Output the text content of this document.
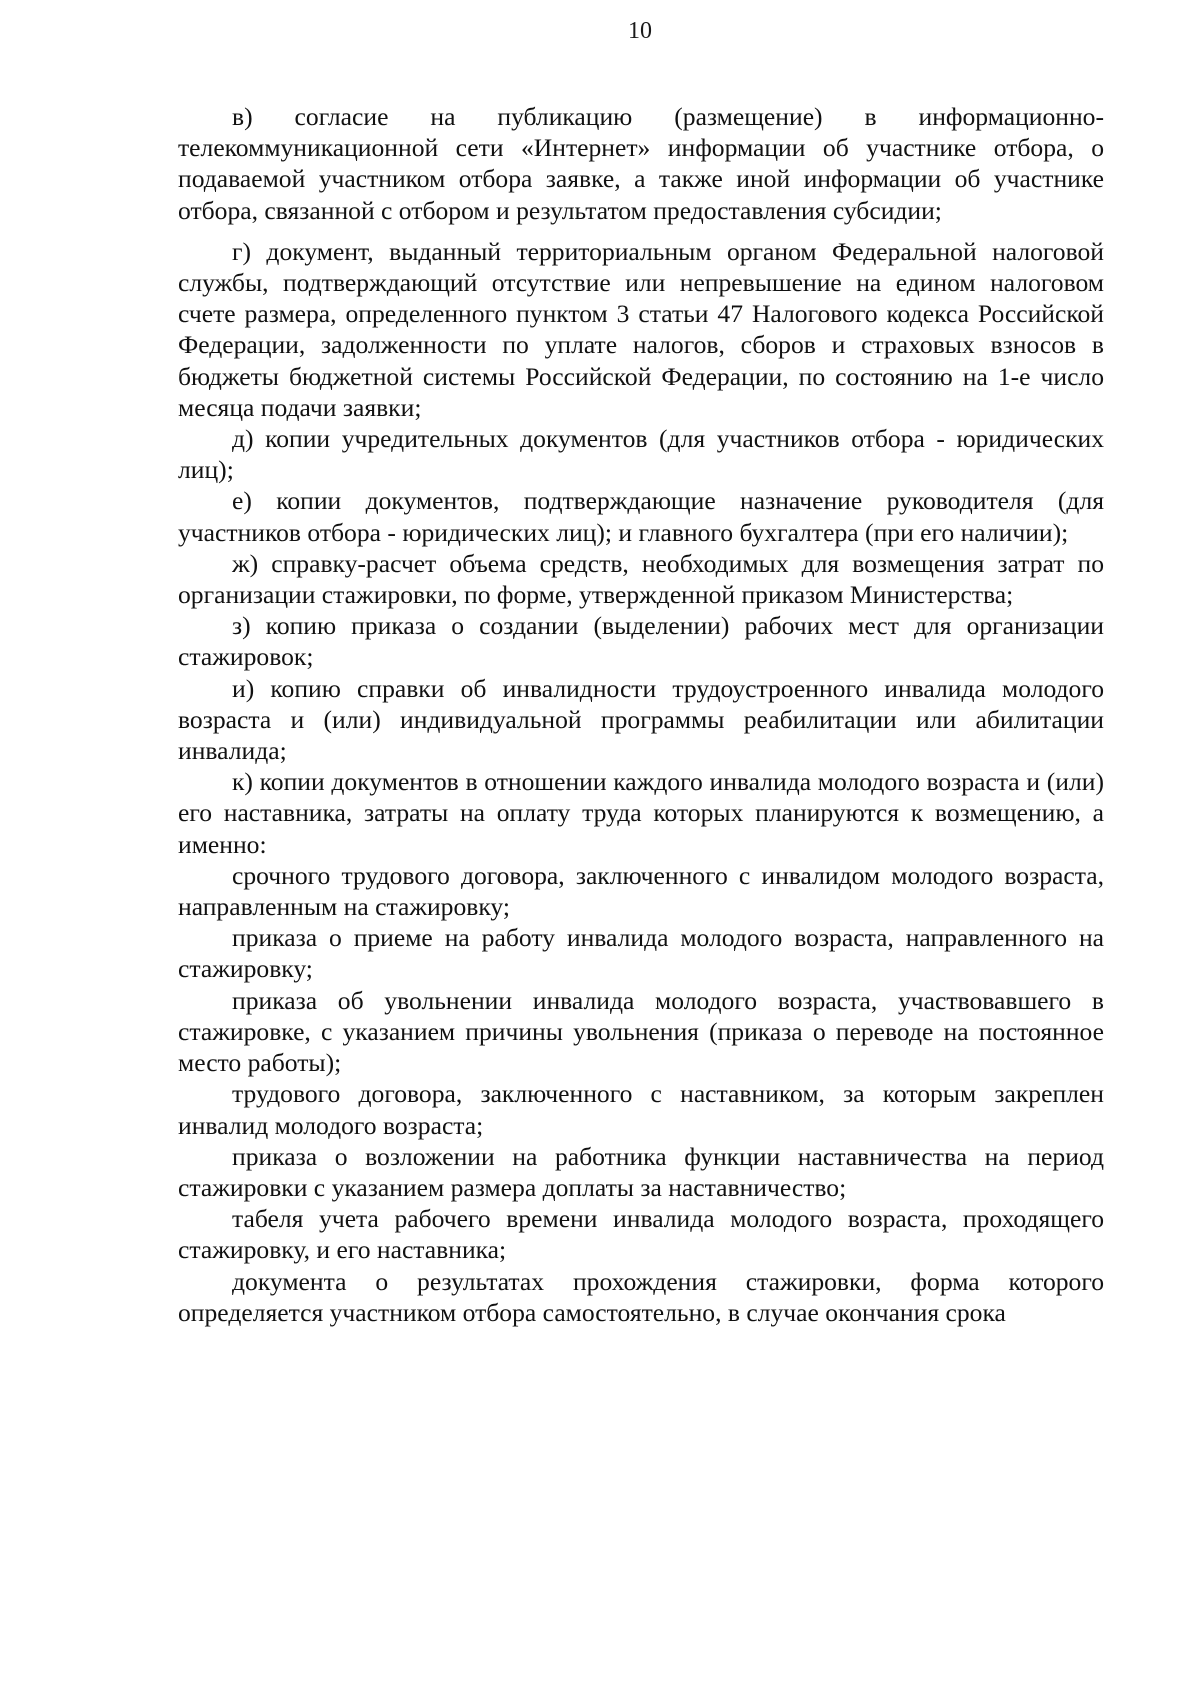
10

в) согласие на публикацию (размещение) в информационно-телекоммуникационной сети «Интернет» информации об участнике отбора, о подаваемой участником отбора заявке, а также иной информации об участнике отбора, связанной с отбором и результатом предоставления субсидии;

г) документ, выданный территориальным органом Федеральной налоговой службы, подтверждающий отсутствие или непревышение на едином налоговом счете размера, определенного пунктом 3 статьи 47 Налогового кодекса Российской Федерации, задолженности по уплате налогов, сборов и страховых взносов в бюджеты бюджетной системы Российской Федерации, по состоянию на 1-е число месяца подачи заявки;

д) копии учредительных документов (для участников отбора - юридических лиц);

е) копии документов, подтверждающие назначение руководителя (для участников отбора - юридических лиц); и главного бухгалтера (при его наличии);

ж) справку-расчет объема средств, необходимых для возмещения затрат по организации стажировки, по форме, утвержденной приказом Министерства;

з) копию приказа о создании (выделении) рабочих мест для организации стажировок;

и) копию справки об инвалидности трудоустроенного инвалида молодого возраста и (или) индивидуальной программы реабилитации или абилитации инвалида;

к) копии документов в отношении каждого инвалида молодого возраста и (или) его наставника, затраты на оплату труда которых планируются к возмещению, а именно:

срочного трудового договора, заключенного с инвалидом молодого возраста, направленным на стажировку;

приказа о приеме на работу инвалида молодого возраста, направленного на стажировку;

приказа об увольнении инвалида молодого возраста, участвовавшего в стажировке, с указанием причины увольнения (приказа о переводе на постоянное место работы);

трудового договора, заключенного с наставником, за которым закреплен инвалид молодого возраста;

приказа о возложении на работника функции наставничества на период стажировки с указанием размера доплаты за наставничество;

табеля учета рабочего времени инвалида молодого возраста, проходящего стажировку, и его наставника;

документа о результатах прохождения стажировки, форма которого определяется участником отбора самостоятельно, в случае окончания срока
